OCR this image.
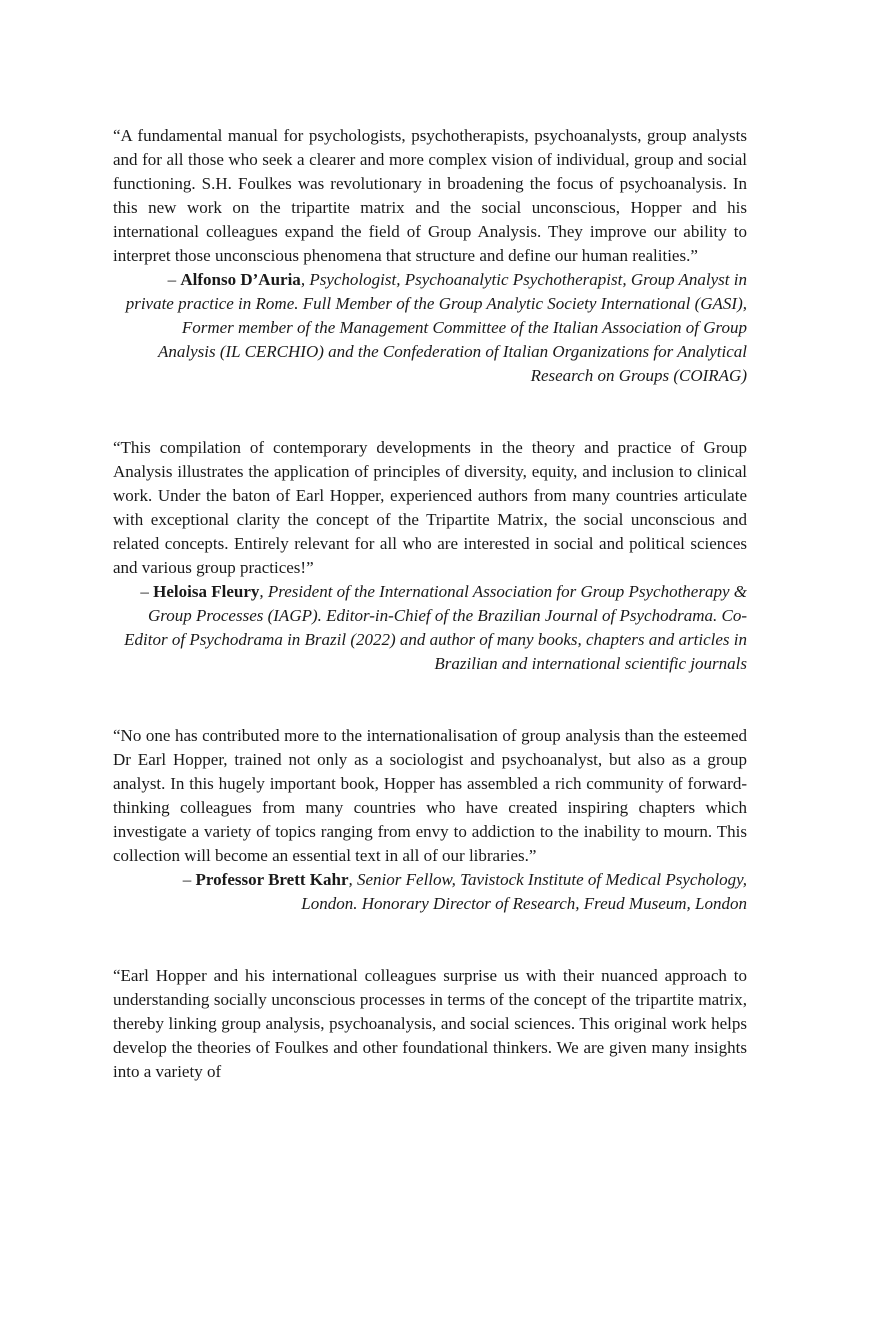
“A fundamental manual for psychologists, psychotherapists, psychoanalysts, group analysts and for all those who seek a clearer and more complex vision of individual, group and social functioning. S.H. Foulkes was revolutionary in broadening the focus of psychoanalysis. In this new work on the tripartite matrix and the social unconscious, Hopper and his international colleagues expand the field of Group Analysis. They improve our ability to interpret those unconscious phenomena that structure and define our human realities.”

– Alfonso D’Auria, Psychologist, Psychoanalytic Psychotherapist, Group Analyst in private practice in Rome. Full Member of the Group Analytic Society International (GASI), Former member of the Management Committee of the Italian Association of Group Analysis (IL CERCHIO) and the Confederation of Italian Organizations for Analytical Research on Groups (COIRAG)

“This compilation of contemporary developments in the theory and practice of Group Analysis illustrates the application of principles of diversity, equity, and inclusion to clinical work. Under the baton of Earl Hopper, experienced authors from many countries articulate with exceptional clarity the concept of the Tripartite Matrix, the social unconscious and related concepts. Entirely relevant for all who are interested in social and political sciences and various group practices!”

– Heloisa Fleury, President of the International Association for Group Psychotherapy & Group Processes (IAGP). Editor-in-Chief of the Brazilian Journal of Psychodrama. Co-Editor of Psychodrama in Brazil (2022) and author of many books, chapters and articles in Brazilian and international scientific journals

“No one has contributed more to the internationalisation of group analysis than the esteemed Dr Earl Hopper, trained not only as a sociologist and psychoanalyst, but also as a group analyst. In this hugely important book, Hopper has assembled a rich community of forward-thinking colleagues from many countries who have created inspiring chapters which investigate a variety of topics ranging from envy to addiction to the inability to mourn. This collection will become an essential text in all of our libraries.”

– Professor Brett Kahr, Senior Fellow, Tavistock Institute of Medical Psychology, London. Honorary Director of Research, Freud Museum, London

“Earl Hopper and his international colleagues surprise us with their nuanced approach to understanding socially unconscious processes in terms of the concept of the tripartite matrix, thereby linking group analysis, psychoanalysis, and social sciences. This original work helps develop the theories of Foulkes and other foundational thinkers. We are given many insights into a variety of
